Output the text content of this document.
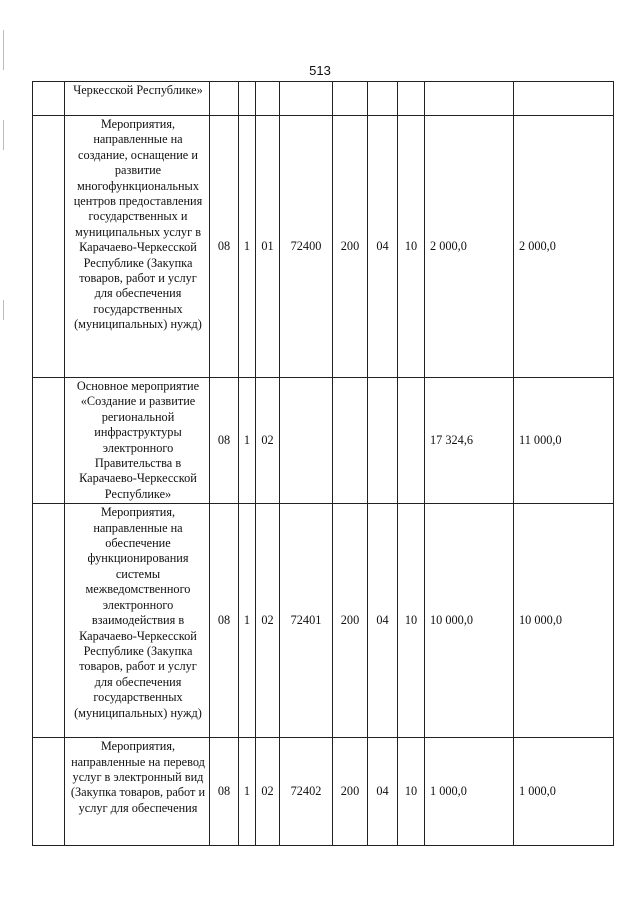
513

	Черкесской Республике»									

	Мероприятия, направленные на создание, оснащение и развитие многофункциональных центров предоставления государственных и муниципальных услуг в Карачаево-Черкесской Республике (Закупка товаров, работ и услуг для обеспечения государственных (муниципальных) нужд)	08	1	01	72400	200	04	10	2 000,0	2 000,0

	Основное мероприятие «Создание и развитие региональной инфраструктуры электронного Правительства в Карачаево-Черкесской Республике»	08	1	02					17 324,6	11 000,0

	Мероприятия, направленные на обеспечение функционирования системы межведомственного электронного взаимодействия в Карачаево-Черкесской Республике (Закупка товаров, работ и услуг для обеспечения государственных (муниципальных) нужд)	08	1	02	72401	200	04	10	10 000,0	10 000,0

	Мероприятия, направленные на перевод услуг в электронный вид (Закупка товаров, работ и услуг для обеспечения	08	1	02	72402	200	04	10	1 000,0	1 000,0
